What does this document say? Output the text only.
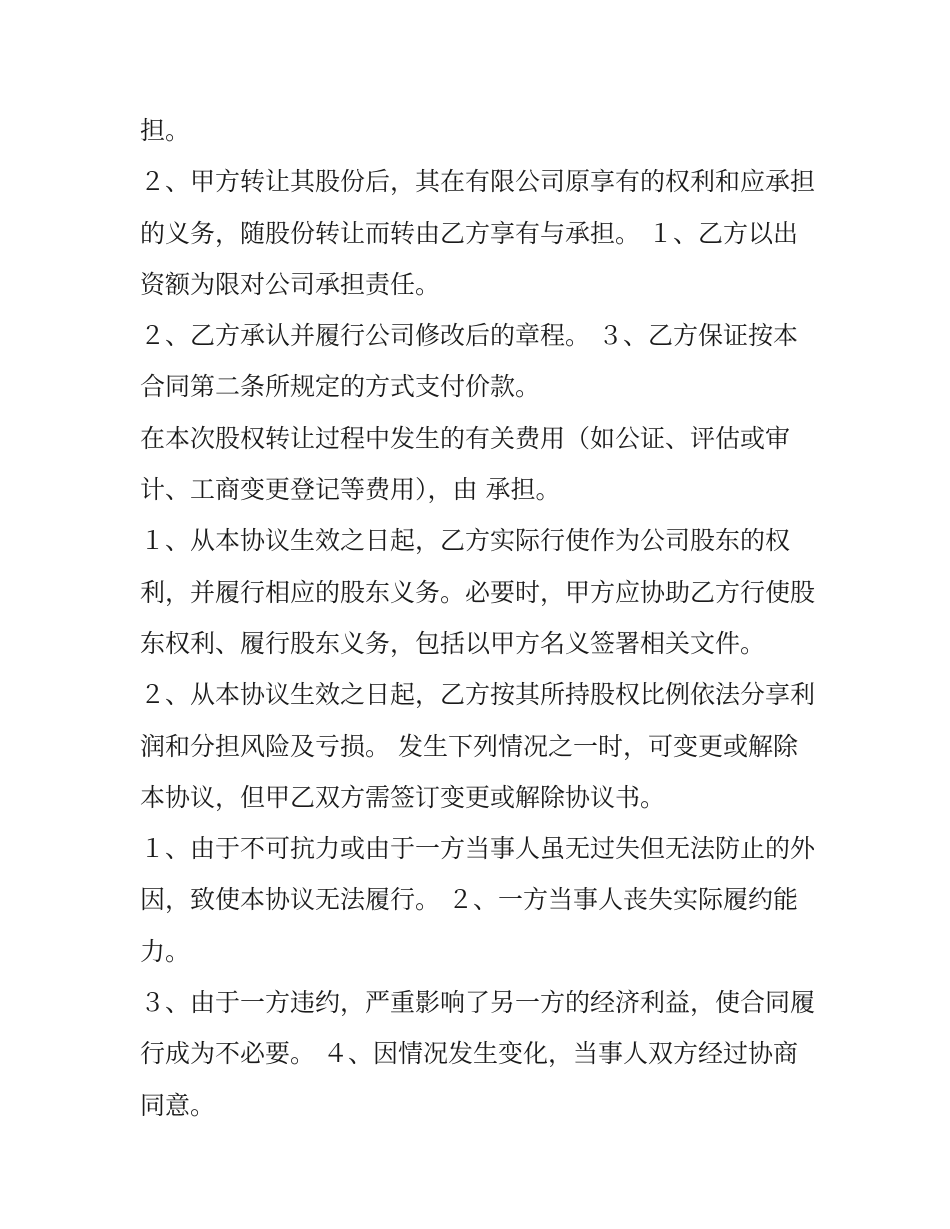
担。
２、甲方转让其股份后，其在有限公司原享有的权利和应承担
的义务，随股份转让而转由乙方享有与承担。 １、乙方以出
资额为限对公司承担责任。
２、乙方承认并履行公司修改后的章程。 ３、乙方保证按本
合同第二条所规定的方式支付价款。
在本次股权转让过程中发生的有关费用（如公证、评估或审
计、工商变更登记等费用），由 承担。
１、从本协议生效之日起，乙方实际行使作为公司股东的权
利，并履行相应的股东义务。必要时，甲方应协助乙方行使股
东权利、履行股东义务，包括以甲方名义签署相关文件。
２、从本协议生效之日起，乙方按其所持股权比例依法分享利
润和分担风险及亏损。 发生下列情况之一时，可变更或解除
本协议，但甲乙双方需签订变更或解除协议书。
１、由于不可抗力或由于一方当事人虽无过失但无法防止的外
因，致使本协议无法履行。 ２、一方当事人丧失实际履约能
力。
３、由于一方违约，严重影响了另一方的经济利益，使合同履
行成为不必要。 ４、因情况发生变化，当事人双方经过协商
同意。
